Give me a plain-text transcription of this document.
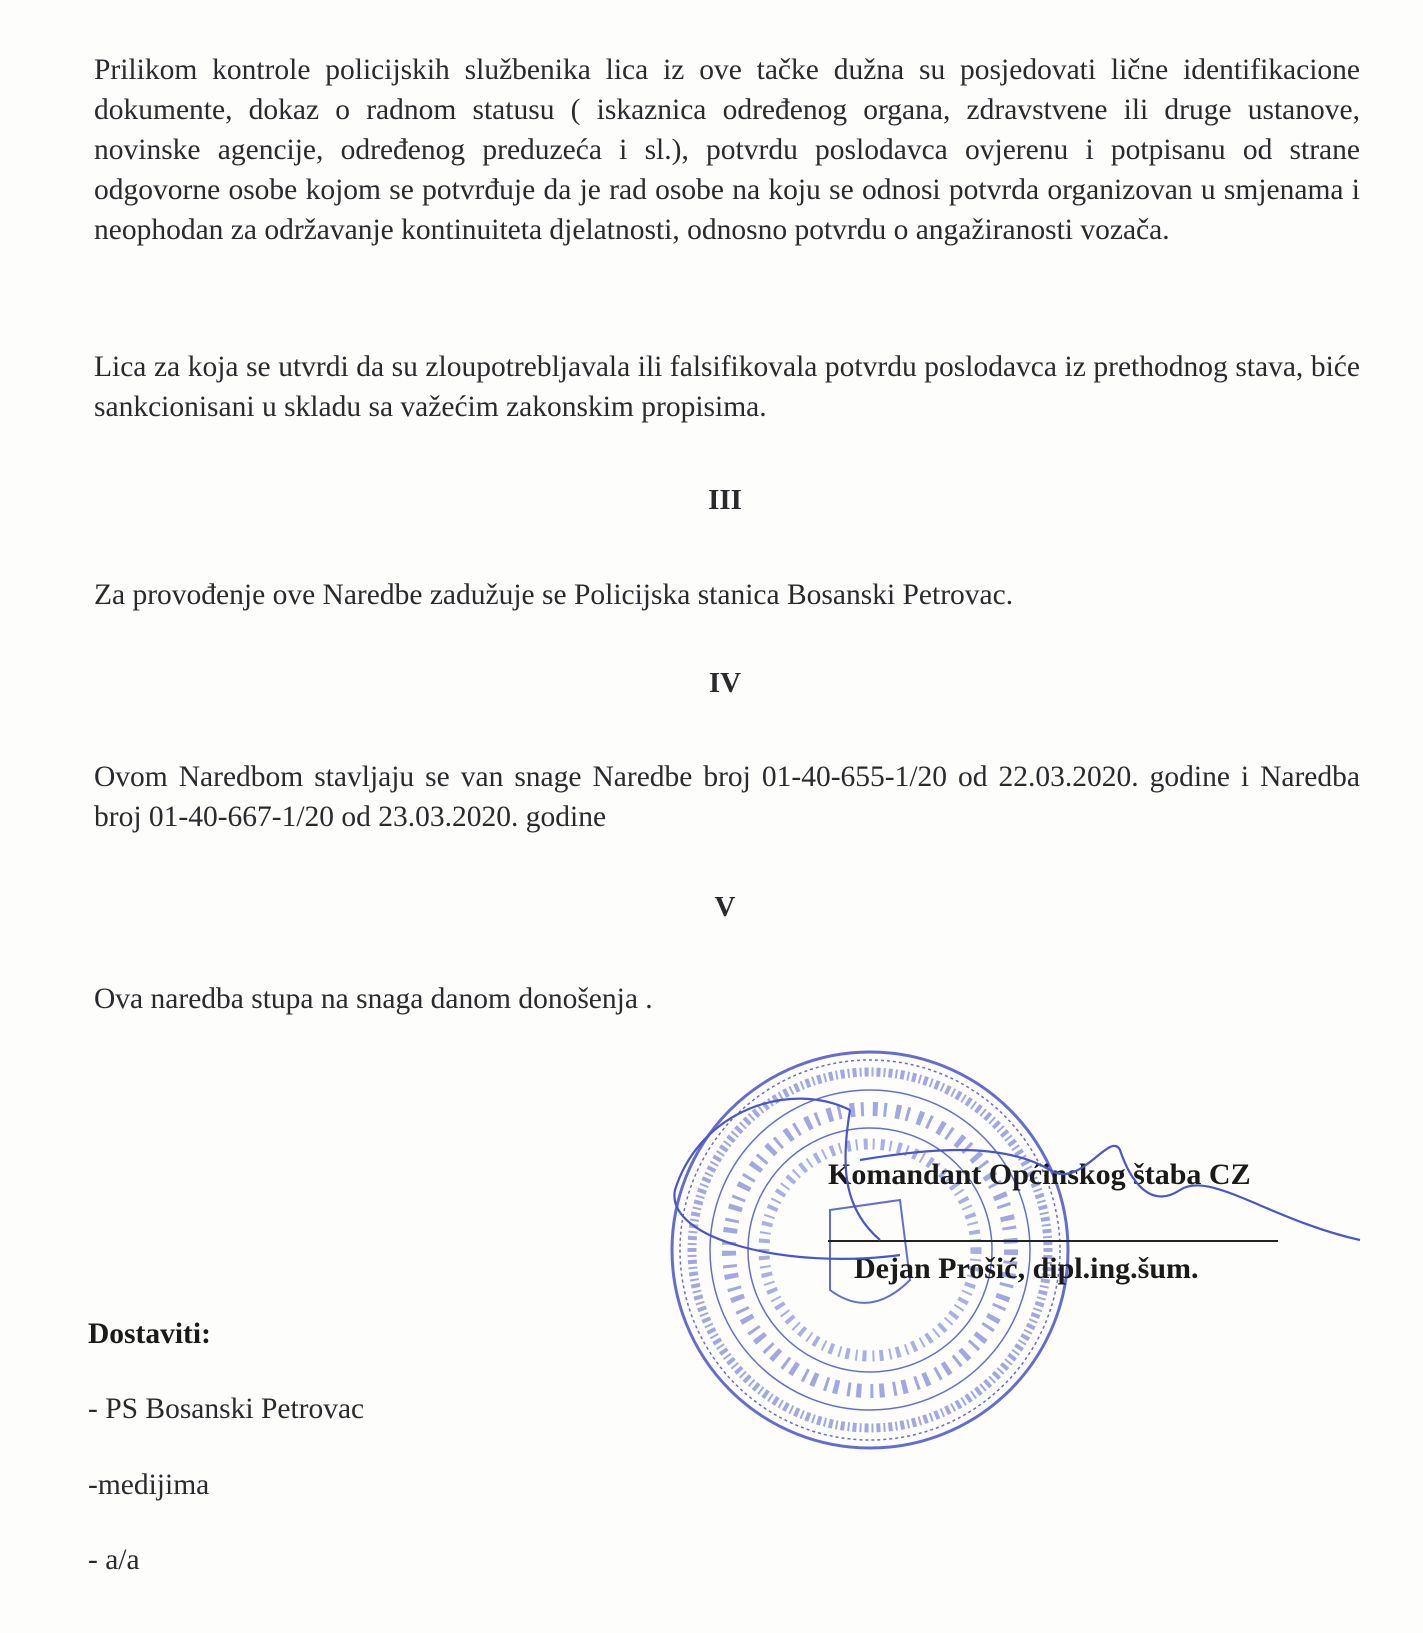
Prilikom kontrole policijskih službenika lica iz ove tačke dužna su posjedovati lične identifikacione dokumente, dokaz o radnom statusu ( iskaznica određenog organa, zdravstvene ili druge ustanove, novinske agencije, određenog preduzeća i sl.), potvrdu poslodavca ovjerenu i potpisanu od strane odgovorne osobe kojom se potvrđuje da je rad osobe na koju se odnosi potvrda organizovan u smjenama i neophodan za održavanje kontinuiteta djelatnosti, odnosno potvrdu o angažiranosti vozača.
Lica za koja se utvrdi da su zloupotrebljavala ili falsifikovala potvrdu poslodavca iz prethodnog stava, biće sankcionisani u skladu sa važećim zakonskim propisima.
III
Za provođenje ove Naredbe zadužuje se Policijska stanica Bosanski Petrovac.
IV
Ovom Naredbom stavljaju se van snage Naredbe broj 01-40-655-1/20 od 22.03.2020. godine i Naredba broj 01-40-667-1/20 od 23.03.2020. godine
V
Ova naredba stupa na snaga danom donošenja .
Komandant Općinskog štaba CZ
Dejan Prošić, dipl.ing.šum.
Dostaviti:
- PS Bosanski Petrovac
-medijima
- a/a
